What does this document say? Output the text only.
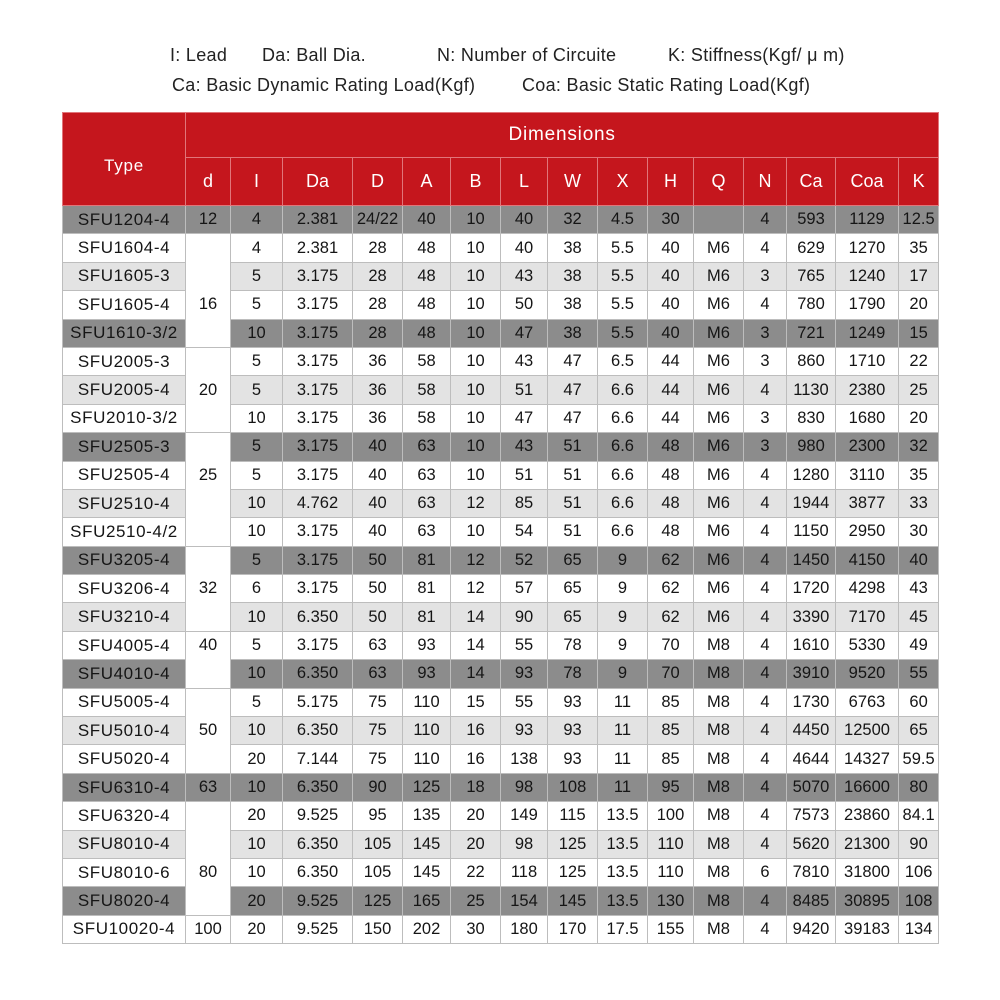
I: Lead Da: Ball Dia.	N: Number of Circuite	K: Stiffness(Kgf/ μ m)
Ca: Basic Dynamic Rating Load(Kgf)	Coa: Basic Static Rating Load(Kgf)
Type	Dimensions														
	d	I	Da	D	A	B	L	W	X	H	Q	N	Ca	Coa	K
SFU1204-4	12	4	2.381	24/22	40	10	40	32	4.5	30		4	593	1129	12.5
SFU1604-4		4	2.381	28	48	10	40	38	5.5	40	M6	4	629	1270	35
SFU1605-3		5	3.175	28	48	10	43	38	5.5	40	M6	3	765	1240	17
SFU1605-4	16	5	3.175	28	48	10	50	38	5.5	40	M6	4	780	1790	20
SFU1610-3/2		10	3.175	28	48	10	47	38	5.5	40	M6	3	721	1249	15
SFU2005-3		5	3.175	36	58	10	43	47	6.5	44	M6	3	860	1710	22
SFU2005-4	20	5	3.175	36	58	10	51	47	6.6	44	M6	4	1130	2380	25
SFU2010-3/2		10	3.175	36	58	10	47	47	6.6	44	M6	3	830	1680	20
SFU2505-3		5	3.175	40	63	10	43	51	6.6	48	M6	3	980	2300	32
SFU2505-4	25	5	3.175	40	63	10	51	51	6.6	48	M6	4	1280	3110	35
SFU2510-4		10	4.762	40	63	12	85	51	6.6	48	M6	4	1944	3877	33
SFU2510-4/2		10	3.175	40	63	10	54	51	6.6	48	M6	4	1150	2950	30
SFU3205-4		5	3.175	50	81	12	52	65	9	62	M6	4	1450	4150	40
SFU3206-4	32	6	3.175	50	81	12	57	65	9	62	M6	4	1720	4298	43
SFU3210-4		10	6.350	50	81	14	90	65	9	62	M6	4	3390	7170	45
SFU4005-4	40	5	3.175	63	93	14	55	78	9	70	M8	4	1610	5330	49
SFU4010-4		10	6.350	63	93	14	93	78	9	70	M8	4	3910	9520	55
SFU5005-4		5	5.175	75	110	15	55	93	11	85	M8	4	1730	6763	60
SFU5010-4	50	10	6.350	75	110	16	93	93	11	85	M8	4	4450	12500	65
SFU5020-4		20	7.144	75	110	16	138	93	11	85	M8	4	4644	14327	59.5
SFU6310-4	63	10	6.350	90	125	18	98	108	11	95	M8	4	5070	16600	80
SFU6320-4		20	9.525	95	135	20	149	115	13.5	100	M8	4	7573	23860	84.1
SFU8010-4		10	6.350	105	145	20	98	125	13.5	110	M8	4	5620	21300	90
SFU8010-6	80	10	6.350	105	145	22	118	125	13.5	110	M8	6	7810	31800	106
SFU8020-4		20	9.525	125	165	25	154	145	13.5	130	M8	4	8485	30895	108
SFU10020-4	100	20	9.525	150	202	30	180	170	17.5	155	M8	4	9420	39183	134
